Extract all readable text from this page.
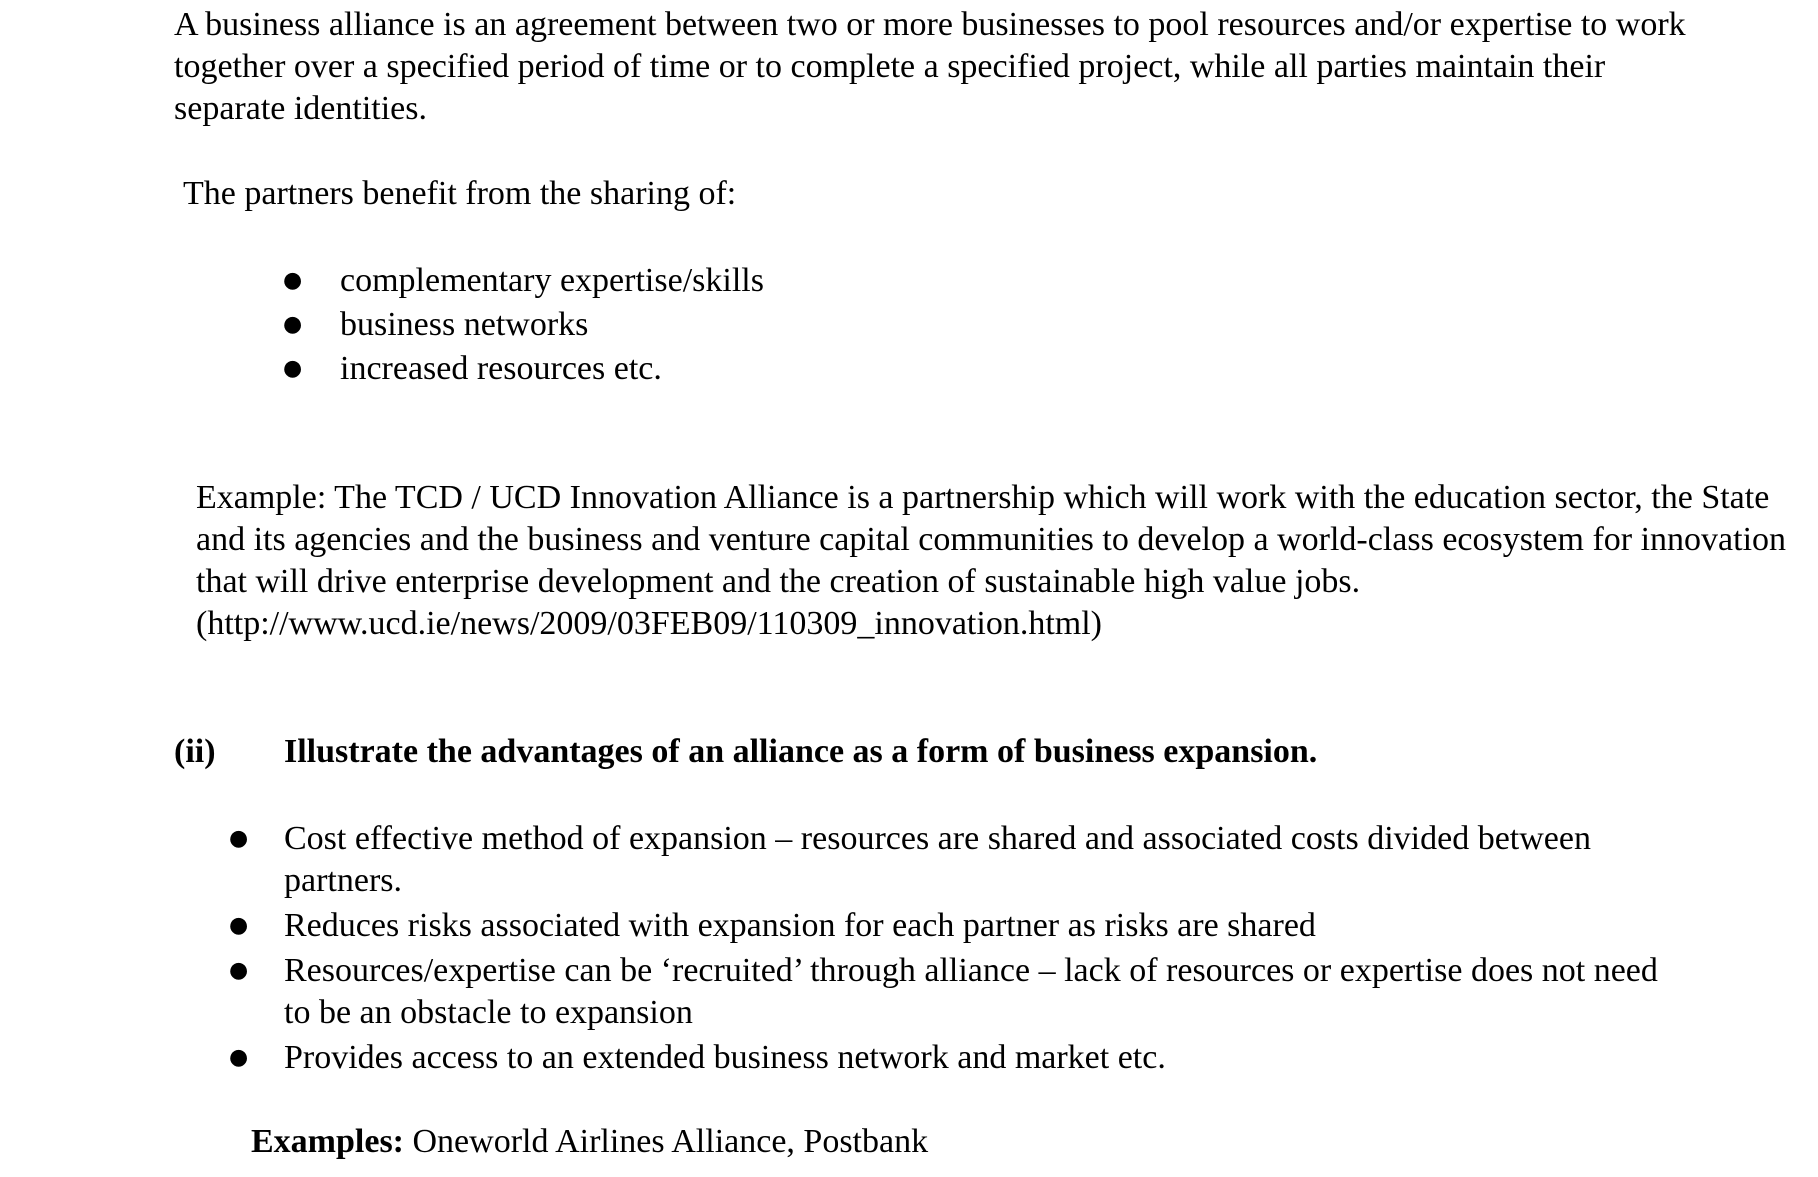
A business alliance is an agreement between two or more businesses to pool resources and/or expertise to work together over a specified period of time or to complete a specified project, while all parties maintain their separate identities.

The partners benefit from the sharing of:

● complementary expertise/skills
● business networks
● increased resources etc.

Example: The TCD / UCD Innovation Alliance is a partnership which will work with the education sector, the State and its agencies and the business and venture capital communities to develop a world-class ecosystem for innovation that will drive enterprise development and the creation of sustainable high value jobs.

(http://www.ucd.ie/news/2009/03FEB09/110309_innovation.html)

(ii) Illustrate the advantages of an alliance as a form of business expansion.
● Cost effective method of expansion – resources are shared and associated costs divided between partners.
● Reduces risks associated with expansion for each partner as risks are shared
● Resources/expertise can be ‘recruited’ through alliance – lack of resources or expertise does not need to be an obstacle to expansion
● Provides access to an extended business network and market etc.

Examples: Oneworld Airlines Alliance, Postbank
